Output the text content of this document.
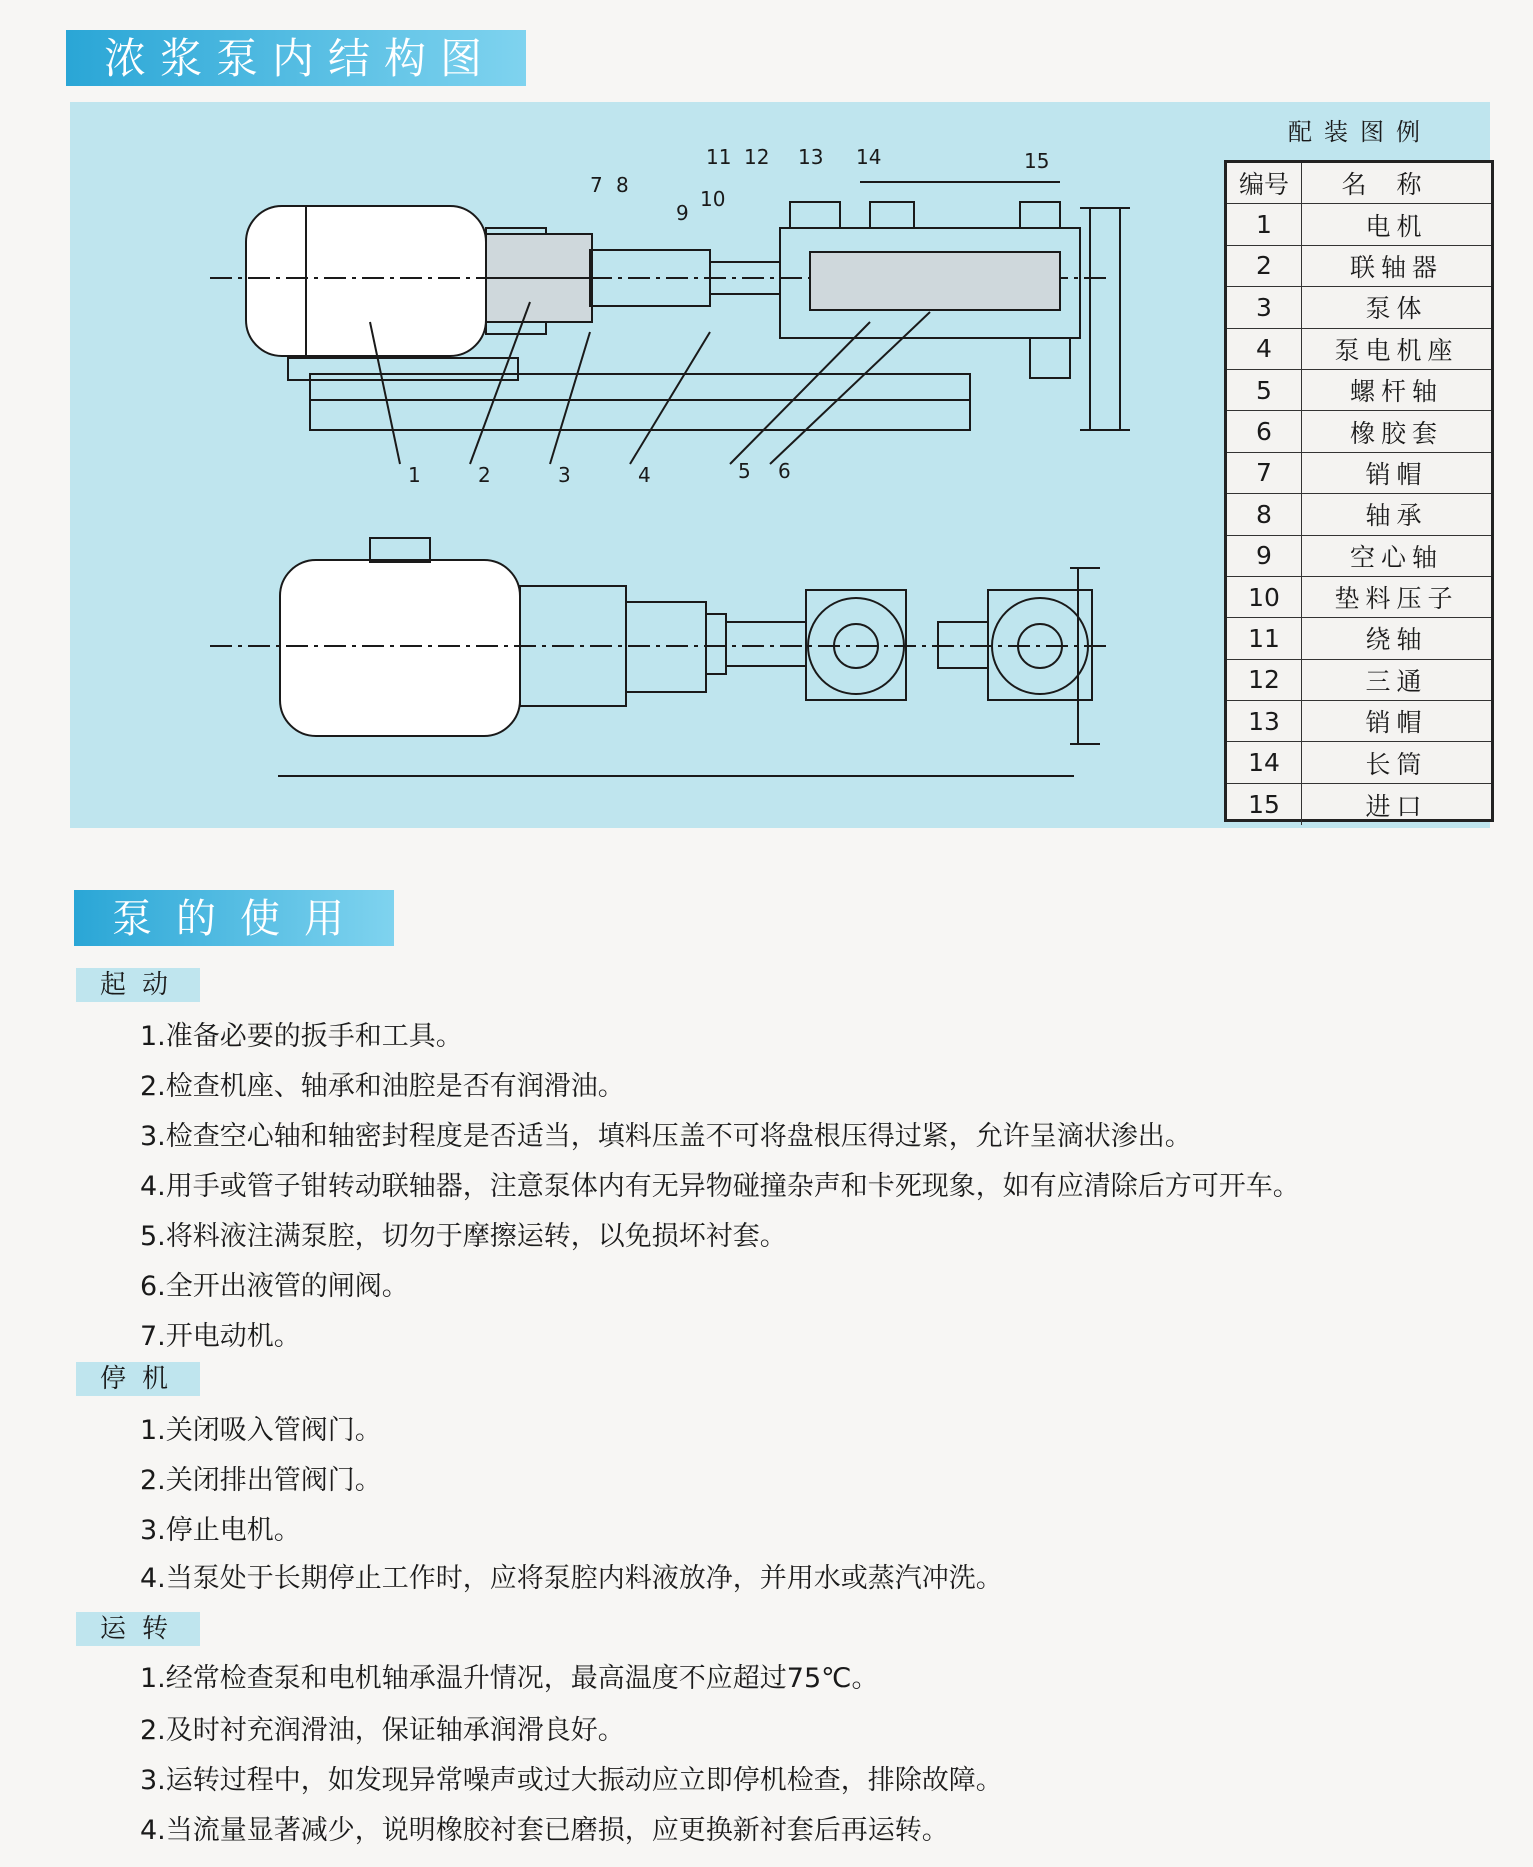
浓浆泵内结构图
1	2	3	4	5 6
7 8
9
10
11 12 13 14	15
配装图例
编号	名称
1	电机
2	联轴器
3	泵体
4	泵电机座
5	螺杆轴
6	橡胶套
7	销帽
8	轴承
9	空心轴
10	垫料压子
11	绕轴
12	三通
13	销帽
14	长筒
15	进口
泵的使用
起动
1.准备必要的扳手和工具。
2.检查机座、轴承和油腔是否有润滑油。
3.检查空心轴和轴密封程度是否适当，填料压盖不可将盘根压得过紧，允许呈滴状渗出。
4.用手或管子钳转动联轴器，注意泵体内有无异物碰撞杂声和卡死现象，如有应清除后方可开车。
5.将料液注满泵腔，切勿于摩擦运转，以免损坏衬套。
6.全开出液管的闸阀。
7.开电动机。
停机
1.关闭吸入管阀门。
2.关闭排出管阀门。
3.停止电机。
4.当泵处于长期停止工作时，应将泵腔内料液放净，并用水或蒸汽冲洗。
运转
1.经常检查泵和电机轴承温升情况，最高温度不应超过75℃。
2.及时衬充润滑油，保证轴承润滑良好。
3.运转过程中，如发现异常噪声或过大振动应立即停机检查，排除故障。
4.当流量显著减少，说明橡胶衬套已磨损，应更换新衬套后再运转。
